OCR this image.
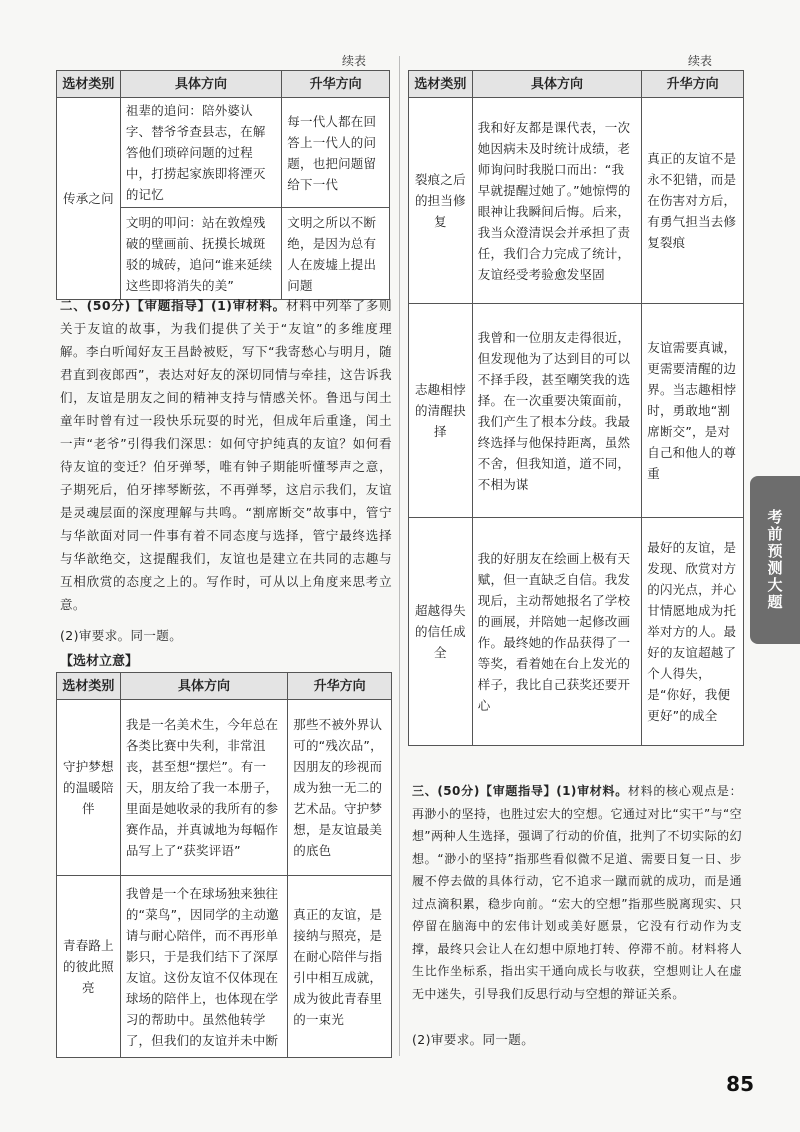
续表
选材类别	具体方向	升华方向
传承之问	祖辈的追问：陪外婆认字、替爷爷查县志，在解答他们琐碎问题的过程中，打捞起家族即将湮灭的记忆	每一代人都在回答上一代人的问题，也把问题留给下一代
	文明的叩问：站在敦煌残破的壁画前、抚摸长城斑驳的城砖，追问“谁来延续这些即将消失的美”	文明之所以不断绝，是因为总有人在废墟上提出问题
二、(50分)【审题指导】(1)审材料。材料中列举了多则关于友谊的故事，为我们提供了关于“友谊”的多维度理解。李白听闻好友王昌龄被贬，写下“我寄愁心与明月，随君直到夜郎西”，表达对好友的深切同情与牵挂，这告诉我们，友谊是朋友之间的精神支持与情感关怀。鲁迅与闰土童年时曾有过一段快乐玩耍的时光，但成年后重逢，闰土一声“老爷”引得我们深思：如何守护纯真的友谊？如何看待友谊的变迁？伯牙弹琴，唯有钟子期能听懂琴声之意，子期死后，伯牙摔琴断弦，不再弹琴，这启示我们，友谊是灵魂层面的深度理解与共鸣。“割席断交”故事中，管宁与华歆面对同一件事有着不同态度与选择，管宁最终选择与华歆绝交，这提醒我们，友谊也是建立在共同的志趣与互相欣赏的态度之上的。写作时，可从以上角度来思考立意。
(2)审要求。同一题。
【选材立意】
选材类别	具体方向	升华方向
守护梦想的温暖陪伴	我是一名美术生，今年总在各类比赛中失利，非常沮丧，甚至想“摆烂”。有一天，朋友给了我一本册子，里面是她收录的我所有的参赛作品，并真诚地为每幅作品写上了“获奖评语”	那些不被外界认可的“残次品”，因朋友的珍视而成为独一无二的艺术品。守护梦想，是友谊最美的底色
青春路上的彼此照亮	我曾是一个在球场独来独往的“菜鸟”，因同学的主动邀请与耐心陪伴，而不再形单影只，于是我们结下了深厚友谊。这份友谊不仅体现在球场的陪伴上，也体现在学习的帮助中。虽然他转学了，但我们的友谊并未中断	真正的友谊，是接纳与照亮，是在耐心陪伴与指引中相互成就，成为彼此青春里的一束光
续表
选材类别	具体方向	升华方向
裂痕之后的担当修复	我和好友都是课代表，一次她因病未及时统计成绩，老师询问时我脱口而出：“我早就提醒过她了。”她惊愕的眼神让我瞬间后悔。后来，我当众澄清误会并承担了责任，我们合力完成了统计，友谊经受考验愈发坚固	真正的友谊不是永不犯错，而是在伤害对方后，有勇气担当去修复裂痕
志趣相悖的清醒抉择	我曾和一位朋友走得很近，但发现他为了达到目的可以不择手段，甚至嘲笑我的选择。在一次重要决策面前，我们产生了根本分歧。我最终选择与他保持距离，虽然不舍，但我知道，道不同，不相为谋	友谊需要真诚，更需要清醒的边界。当志趣相悖时，勇敢地“割席断交”，是对自己和他人的尊重
超越得失的信任成全	我的好朋友在绘画上极有天赋，但一直缺乏自信。我发现后，主动帮她报名了学校的画展，并陪她一起修改画作。最终她的作品获得了一等奖，看着她在台上发光的样子，我比自己获奖还要开心	最好的友谊，是发现、欣赏对方的闪光点，并心甘情愿地成为托举对方的人。最好的友谊超越了个人得失，是“你好，我便更好”的成全
三、(50分)【审题指导】(1)审材料。材料的核心观点是：再渺小的坚持，也胜过宏大的空想。它通过对比“实干”与“空想”两种人生选择，强调了行动的价值，批判了不切实际的幻想。“渺小的坚持”指那些看似微不足道、需要日复一日、步履不停去做的具体行动，它不追求一蹴而就的成功，而是通过点滴积累，稳步向前。“宏大的空想”指那些脱离现实、只停留在脑海中的宏伟计划或美好愿景，它没有行动作为支撑，最终只会让人在幻想中原地打转、停滞不前。材料将人生比作坐标系，指出实干通向成长与收获，空想则让人在虚无中迷失，引导我们反思行动与空想的辩证关系。
(2)审要求。同一题。
考前预测大题
85
